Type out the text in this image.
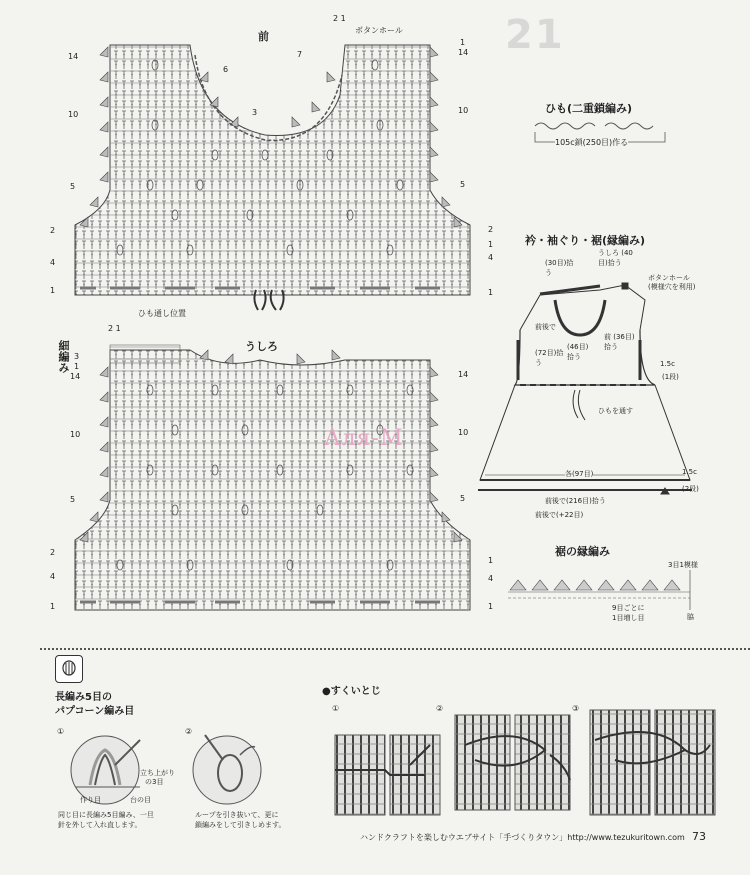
21
前
2 1
ボタンホール
ひも通し位置
14
10
5
2
4
1
1
14
10
5
1
2
4
1
6
3
7
うしろ
2 1
細編み 3
1
14
10
5
2
4
1
14
10
5
1
4
1
Аля-М
ひも(二重鎖編み)
105c鎖(250目)作る
衿・袖ぐり・裾(縁編み)
(30目)拾う
うしろ (40目)拾う
ボタンホール
(模様穴を利用)
前後で
(72目)拾う
(46目)拾う
前 (36目)拾う
1.5c
(1段)
ひもを通す
各(97目)	1.5c
(2段)
前後で(216目)拾う
前後で(+22目)
裾の縁編み
3目1模様
9目ごとに
1目増し目	脇
長編み5目の
パプコーン編み目
①	②
立ち上がり
の3目
作り目	台の目
同じ目に長編み5目編み、一旦
針を外して入れ直します。
ループを引き抜いて、更に
鎖編みをして引きしめます。
●すくいとじ
①	②	③
ハンドクラフトを楽しむウエブサイト「手づくりタウン」http://www.tezukuritown.com 73
